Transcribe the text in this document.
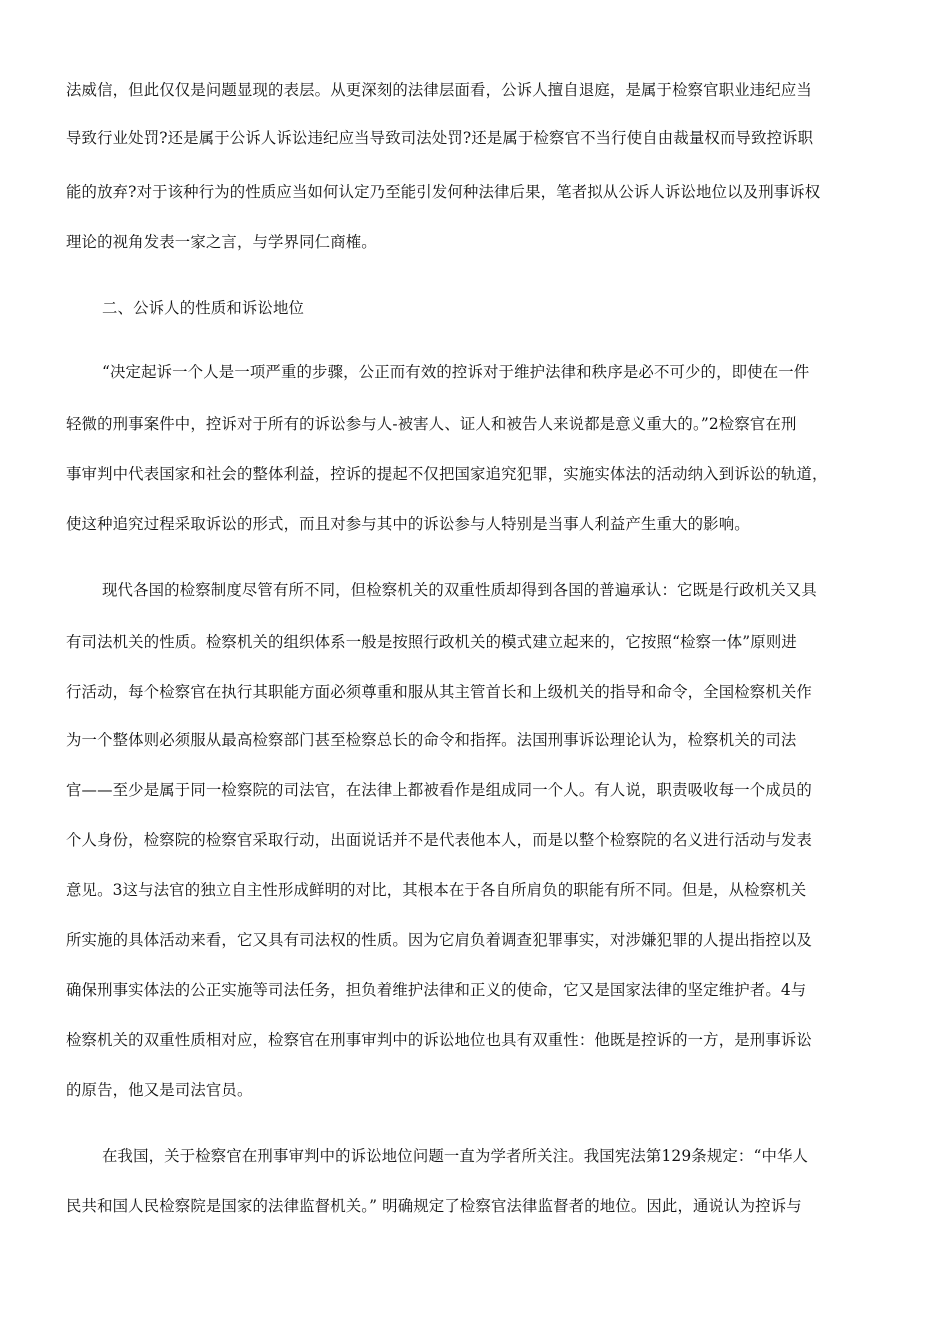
法威信，但此仅仅是问题显现的表层。从更深刻的法律层面看，公诉人擅自退庭，是属于检察官职业违纪应当
导致行业处罚?还是属于公诉人诉讼违纪应当导致司法处罚?还是属于检察官不当行使自由裁量权而导致控诉职
能的放弃?对于该种行为的性质应当如何认定乃至能引发何种法律后果，笔者拟从公诉人诉讼地位以及刑事诉权
理论的视角发表一家之言，与学界同仁商榷。
二、公诉人的性质和诉讼地位
“决定起诉一个人是一项严重的步骤，公正而有效的控诉对于维护法律和秩序是必不可少的，即使在一件
轻微的刑事案件中，控诉对于所有的诉讼参与人-被害人、证人和被告人来说都是意义重大的。”2检察官在刑
事审判中代表国家和社会的整体利益，控诉的提起不仅把国家追究犯罪，实施实体法的活动纳入到诉讼的轨道，
使这种追究过程采取诉讼的形式，而且对参与其中的诉讼参与人特别是当事人利益产生重大的影响。
现代各国的检察制度尽管有所不同，但检察机关的双重性质却得到各国的普遍承认：它既是行政机关又具
有司法机关的性质。检察机关的组织体系一般是按照行政机关的模式建立起来的，它按照“检察一体”原则进
行活动，每个检察官在执行其职能方面必须尊重和服从其主管首长和上级机关的指导和命令，全国检察机关作
为一个整体则必须服从最高检察部门甚至检察总长的命令和指挥。法国刑事诉讼理论认为，检察机关的司法
官——至少是属于同一检察院的司法官，在法律上都被看作是组成同一个人。有人说，职责吸收每一个成员的
个人身份，检察院的检察官采取行动，出面说话并不是代表他本人，而是以整个检察院的名义进行活动与发表
意见。3这与法官的独立自主性形成鲜明的对比，其根本在于各自所肩负的职能有所不同。但是，从检察机关
所实施的具体活动来看，它又具有司法权的性质。因为它肩负着调查犯罪事实，对涉嫌犯罪的人提出指控以及
确保刑事实体法的公正实施等司法任务，担负着维护法律和正义的使命，它又是国家法律的坚定维护者。4与
检察机关的双重性质相对应，检察官在刑事审判中的诉讼地位也具有双重性：他既是控诉的一方，是刑事诉讼
的原告，他又是司法官员。
在我国，关于检察官在刑事审判中的诉讼地位问题一直为学者所关注。我国宪法第129条规定：“中华人
民共和国人民检察院是国家的法律监督机关。” 明确规定了检察官法律监督者的地位。因此，通说认为控诉与
